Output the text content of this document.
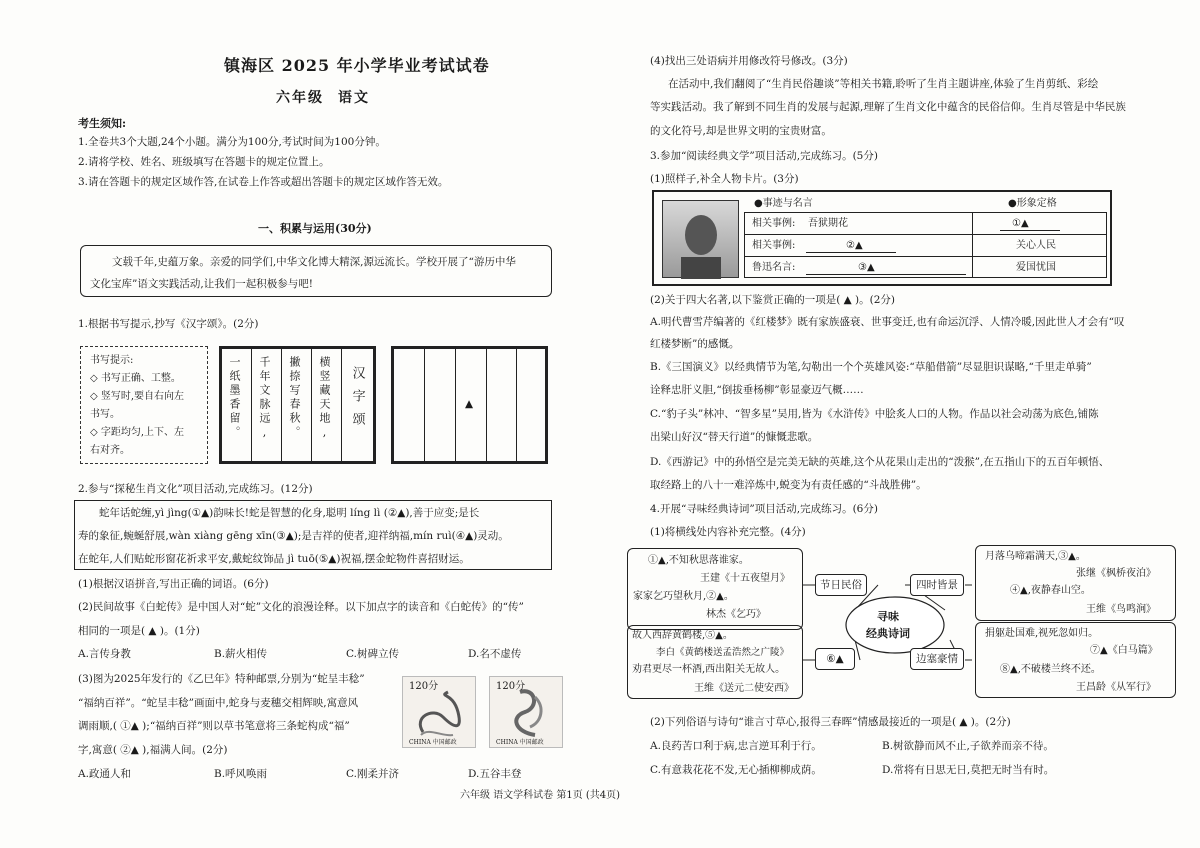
镇海区 2025 年小学毕业考试试卷
六年级 语文
考生须知:
1.全卷共3个大题,24个小题。满分为100分,考试时间为100分钟。
2.请将学校、姓名、班级填写在答题卡的规定位置上。
3.请在答题卡的规定区域作答,在试卷上作答或超出答题卡的规定区域作答无效。
一、积累与运用(30分)
文载千年,史蕴万象。亲爱的同学们,中华文化博大精深,源远流长。学校开展了“游历中华
文化宝库”语文实践活动,让我们一起积极参与吧!
1.根据书写提示,抄写《汉字颂》。(2分)
书写提示:
◇ 书写正确、工整。
◇ 竖写时,要自右向左
书写。
◇ 字距均匀,上下、左
右对齐。
一纸墨香留。 千年文脉远, 撇捺写春秋。 横竖藏天地, 汉字颂	▲
2.参与“探秘生肖文化”项目活动,完成练习。(12分)
蛇年话蛇缠,yì jìng(①▲)韵味长!蛇是智慧的化身,聪明 líng lì (②▲),善于应变;是长
寿的象征,蜿蜒舒展,wàn xiàng gēng xīn(③▲);是吉祥的使者,迎祥纳福,mín ruì(④▲)灵动。
在蛇年,人们贴蛇形窗花祈求平安,戴蛇纹饰品 jì tuō(⑤▲)祝福,摆金蛇物件喜招财运。
(1)根据汉语拼音,写出正确的词语。(6分)
(2)民间故事《白蛇传》是中国人对“蛇”文化的浪漫诠释。以下加点字的读音和《白蛇传》的“传”
相同的一项是( ▲ )。(1分)
A.言传身教	B.薪火相传	C.树碑立传	D.名不虚传
(3)图为2025年发行的《乙巳年》特种邮票,分别为“蛇呈丰稔”
“福纳百祥”。“蛇呈丰稔”画面中,蛇身与麦穗交相辉映,寓意风
调雨顺,( ①▲ );“福纳百祥”则以草书笔意将三条蛇构成“福”
字,寓意( ②▲ ),福满人间。(2分)
120分
CHINA 中国邮政
120分
CHINA 中国邮政
A.政通人和	B.呼风唤雨	C.刚柔并济	D.五谷丰登
(4)找出三处语病并用修改符号修改。(3分)
在活动中,我们翻阅了“生肖民俗趣谈”等相关书籍,聆听了生肖主题讲座,体验了生肖剪纸、彩绘
等实践活动。我了解到不同生肖的发展与起源,理解了生肖文化中蕴含的民俗信仰。生肖尽管是中华民族
的文化符号,却是世界文明的宝贵财富。
3.参加“阅读经典文学”项目活动,完成练习。(5分)
(1)照样子,补全人物卡片。(3分)
●事迹与名言	●形象定格
相关事例: 吾狱期花	①▲
相关事例:	②▲	关心人民
鲁迅名言:	③▲	爱国忧国
(2)关于四大名著,以下鉴赏正确的一项是( ▲ )。(2分)
A.明代曹雪芹编著的《红楼梦》既有家族盛衰、世事变迁,也有命运沉浮、人情冷暖,因此世人才会有“叹
红楼梦断”的感慨。
B.《三国演义》以经典情节为笔,勾勒出一个个英雄风姿:“草船借箭”尽显胆识谋略,“千里走单骑”
诠释忠肝义胆,“倒拔垂杨柳”彰显豪迈气概……
C.“豹子头”林冲、“智多星”吴用,皆为《水浒传》中脍炙人口的人物。作品以社会动荡为底色,铺陈
出梁山好汉“替天行道”的慷慨悲歌。
D.《西游记》中的孙悟空是完美无缺的英雄,这个从花果山走出的“泼猴”,在五指山下的五百年顿悟、
取经路上的八十一难淬炼中,蜕变为有责任感的“斗战胜佛”。
4.开展“寻味经典诗词”项目活动,完成练习。(6分)
(1)将横线处内容补充完整。(4分)
寻味
经典诗词
节日民俗	四时皆景
边塞豪情
⑥▲
①▲,不知秋思落谁家。
王建《十五夜望月》
家家乞巧望秋月,②▲。
林杰《乞巧》
月落乌啼霜满天,③▲。
张继《枫桥夜泊》
④▲,夜静春山空。
王维《鸟鸣涧》
故人西辞黄鹤楼,⑤▲。
李白《黄鹤楼送孟浩然之广陵》
劝君更尽一杯酒,西出阳关无故人。
王维《送元二使安西》
捐躯赴国难,视死忽如归。
⑦▲《白马篇》
⑧▲,不破楼兰终不还。
王昌龄《从军行》
(2)下列俗语与诗句“谁言寸草心,报得三春晖”情感最接近的一项是( ▲ )。(2分)
A.良药苦口利于病,忠言逆耳利于行。	B.树欲静而风不止,子欲养而亲不待。
C.有意栽花花不发,无心插柳柳成荫。	D.常将有日思无日,莫把无时当有时。
六年级 语文学科试卷 第1页 (共4页)
